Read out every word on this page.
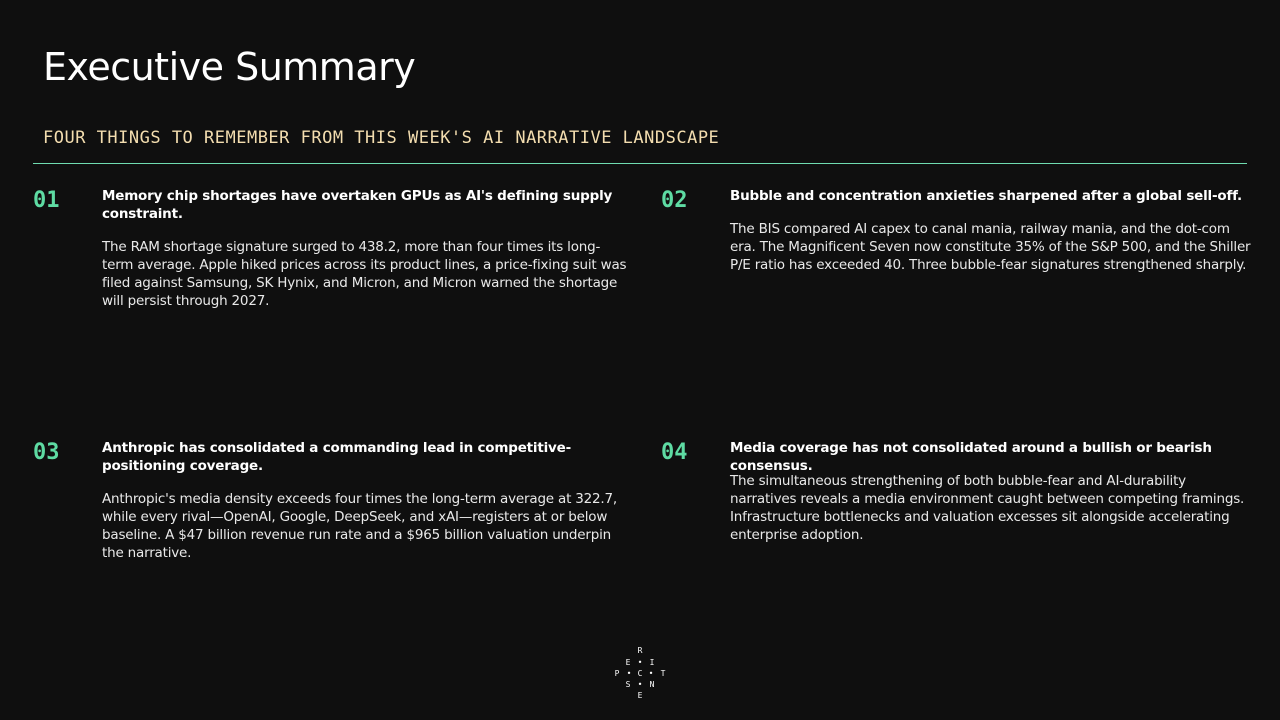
Executive Summary
FOUR THINGS TO REMEMBER FROM THIS WEEK'S AI NARRATIVE LANDSCAPE
01	Memory chip shortages have overtaken GPUs as AI's defining supply constraint.
The RAM shortage signature surged to 438.2, more than four times its long-term average. Apple hiked prices across its product lines, a price-fixing suit was filed against Samsung, SK Hynix, and Micron, and Micron warned the shortage will persist through 2027.
02	Bubble and concentration anxieties sharpened after a global sell-off.
The BIS compared AI capex to canal mania, railway mania, and the dot-com era. The Magnificent Seven now constitute 35% of the S&P 500, and the Shiller P/E ratio has exceeded 40. Three bubble-fear signatures strengthened sharply.
03	Anthropic has consolidated a commanding lead in competitive-positioning coverage.
Anthropic's media density exceeds four times the long-term average at 322.7, while every rival—OpenAI, Google, DeepSeek, and xAI—registers at or below baseline. A $47 billion revenue run rate and a $965 billion valuation underpin the narrative.
04	Media coverage has not consolidated around a bullish or bearish consensus.
The simultaneous strengthening of both bubble-fear and AI-durability narratives reveals a media environment caught between competing framings. Infrastructure bottlenecks and valuation excesses sit alongside accelerating enterprise adoption.
R
E • I
P • C • T
S • N
E
